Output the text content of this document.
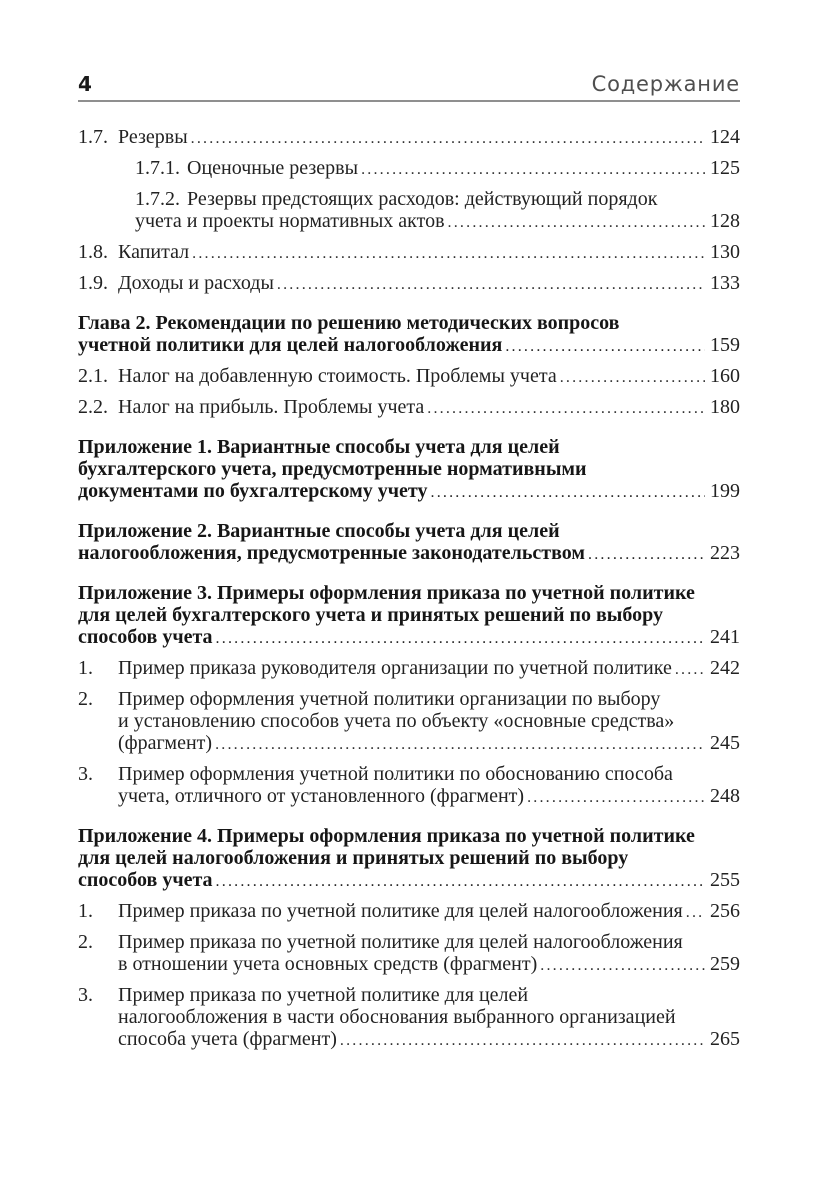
4	Содержание
1.7. Резервы .....	124
1.7.1. Оценочные резервы .....	125
1.7.2. Резервы предстоящих расходов: действующий порядок
учета и проекты нормативных актов .....	128
1.8. Капитал .....	130
1.9. Доходы и расходы .....	133
Глава 2. Рекомендации по решению методических вопросов
учетной политики для целей налогообложения .....	159
2.1. Налог на добавленную стоимость. Проблемы учета .....	160
2.2. Налог на прибыль. Проблемы учета .....	180
Приложение 1. Вариантные способы учета для целей
бухгалтерского учета, предусмотренные нормативными
документами по бухгалтерскому учету .....	199
Приложение 2. Вариантные способы учета для целей
налогообложения, предусмотренные законодательством .....	223
Приложение 3. Примеры оформления приказа по учетной политике
для целей бухгалтерского учета и принятых решений по выбору
способов учета .....	241
1.	Пример приказа руководителя организации по учетной политике ..... 242
2.	Пример оформления учетной политики организации по выбору
и установлению способов учета по объекту «основные средства»
(фрагмент) .....	245
3.	Пример оформления учетной политики по обоснованию способа
учета, отличного от установленного (фрагмент) .....	248
Приложение 4. Примеры оформления приказа по учетной политике
для целей налогообложения и принятых решений по выбору
способов учета .....	255
1.	Пример приказа по учетной политике для целей налогообложения ..... 256
2.	Пример приказа по учетной политике для целей налогообложения
в отношении учета основных средств (фрагмент) .....	259
3.	Пример приказа по учетной политике для целей
налогообложения в части обоснования выбранного организацией
способа учета (фрагмент) .....	265
